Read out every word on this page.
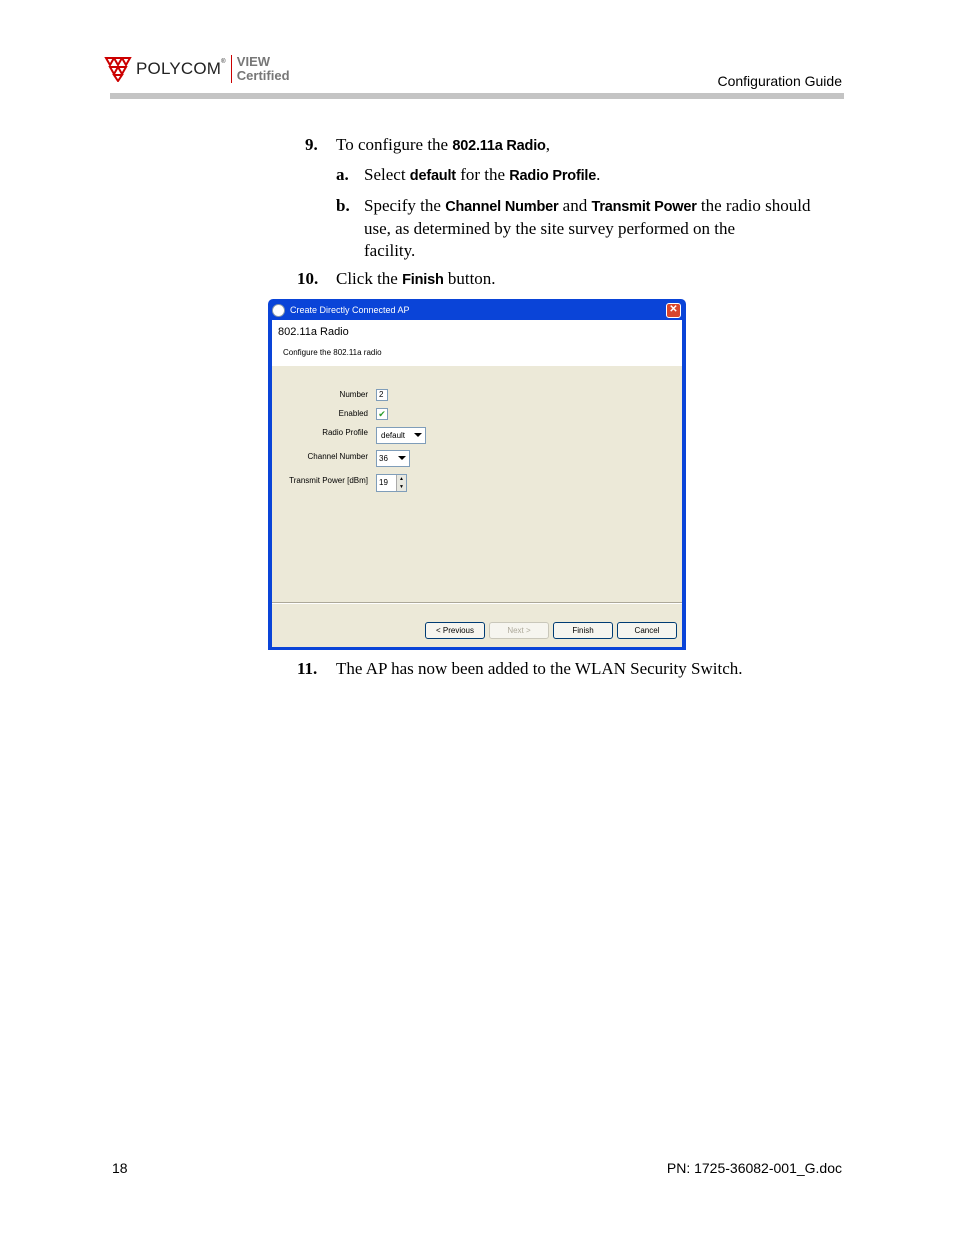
POLYCOM® VIEW
Certified	Configuration Guide
9. To configure the 802.11a Radio,
a. Select default for the Radio Profile.
b. Specify the Channel Number and Transmit Power the radio should
use, as determined by the site survey performed on the
facility.
10. Click the Finish button.
Create Directly Connected AP	✕
802.11a Radio
Configure the 802.11a radio
Number	2
Enabled ✔
Radio Profile	default
Channel Number	36
Transmit Power [dBm]	19	▲
▼
< Previous	Next >	Finish	Cancel
11. The AP has now been added to the WLAN Security Switch.
18	PN: 1725-36082-001_G.doc
